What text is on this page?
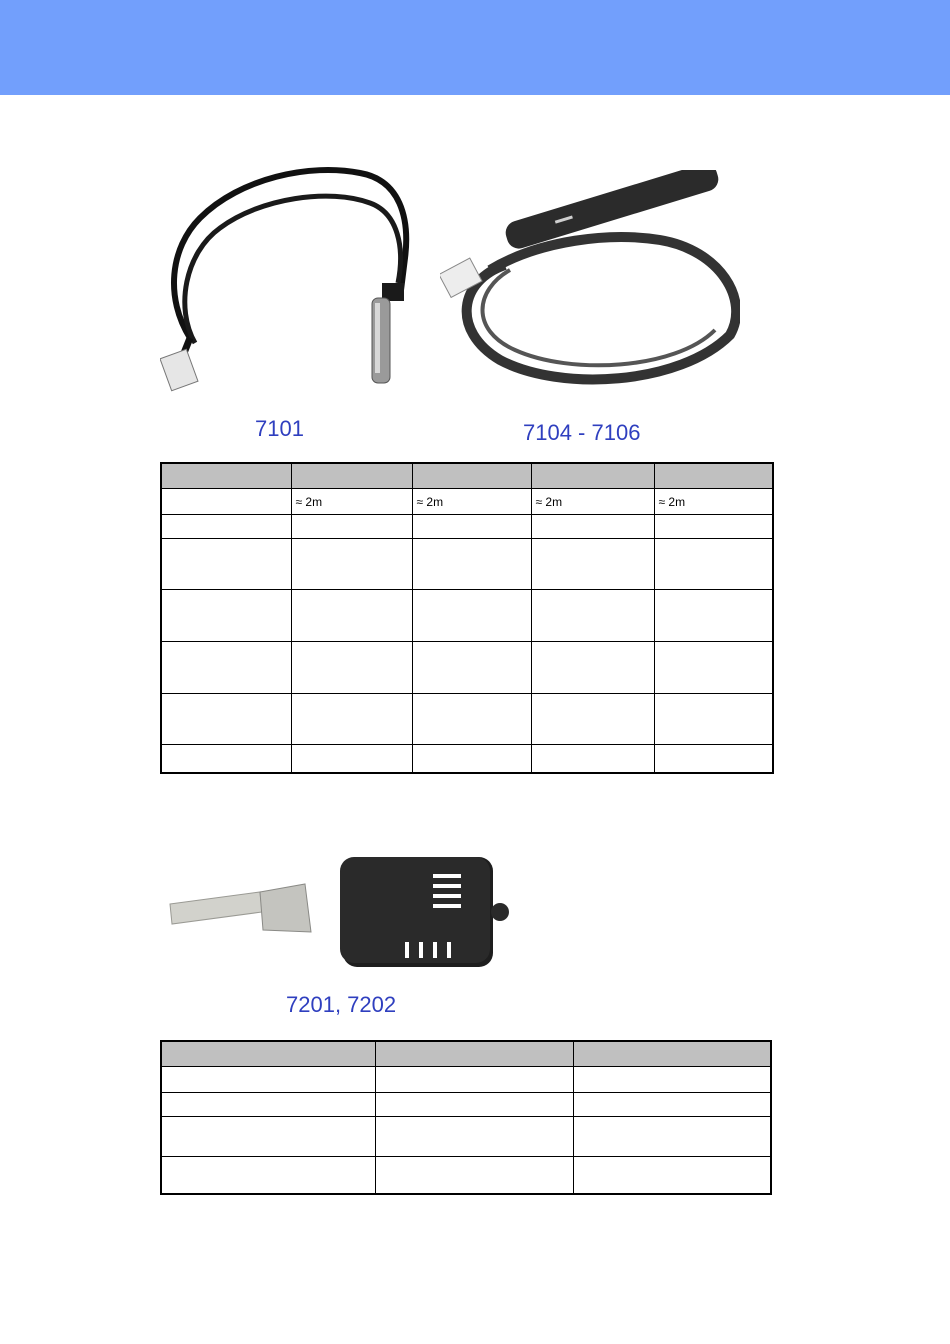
7101	7104 - 7106

	≈ 2m	≈ 2m	≈ 2m	≈ 2m

7201, 7202
